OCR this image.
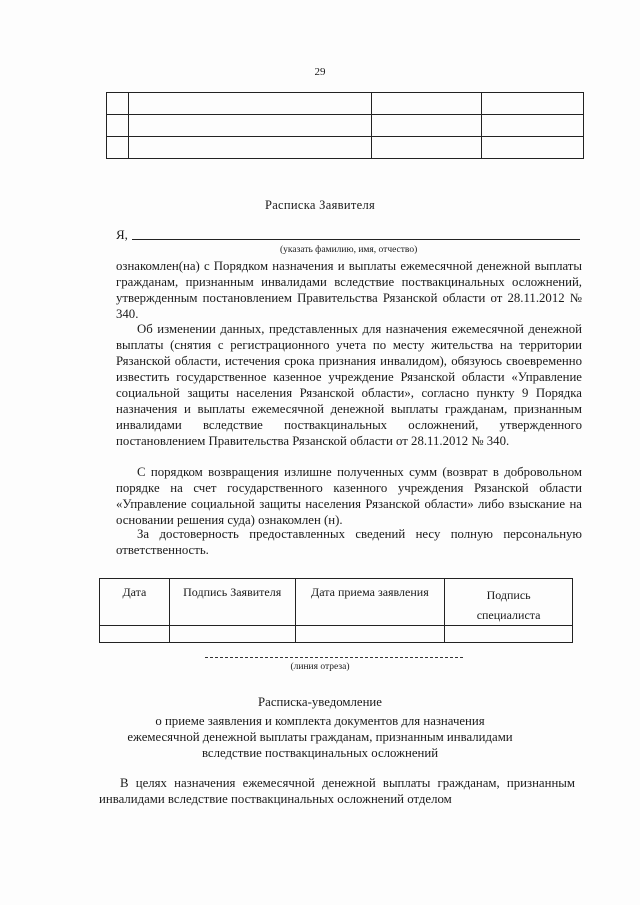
29

Расписка Заявителя
Я,
(указать фамилию, имя, отчество)
ознакомлен(на) с Порядком назначения и выплаты ежемесячной денежной выплаты гражданам, признанным инвалидами вследствие поствакцинальных осложнений, утвержденным постановлением Правительства Рязанской области от 28.11.2012 № 340.
Об изменении данных, представленных для назначения ежемесячной денежной выплаты (снятия с регистрационного учета по месту жительства на территории Рязанской области, истечения срока признания инвалидом), обязуюсь своевременно известить государственное казенное учреждение Рязанской области «Управление социальной защиты населения Рязанской области», согласно пункту 9 Порядка назначения и выплаты ежемесячной денежной выплаты гражданам, признанным инвалидами вследствие поствакцинальных осложнений, утвержденного постановлением Правительства Рязанской области от 28.11.2012 № 340.
С порядком возвращения излишне полученных сумм (возврат в добровольном порядке на счет государственного казенного учреждения Рязанской области «Управление социальной защиты населения Рязанской области» либо взыскание на основании решения суда) ознакомлен (н).
За достоверность предоставленных сведений несу полную персональную ответственность.
Дата	Подпись Заявителя	Дата приема заявления	Подпись
специалиста

(линия отреза)
Расписка-уведомление
о приеме заявления и комплекта документов для назначения
ежемесячной денежной выплаты гражданам, признанным инвалидами
вследствие поствакцинальных осложнений
В целях назначения ежемесячной денежной выплаты гражданам, признанным инвалидами вследствие поствакцинальных осложнений отделом
